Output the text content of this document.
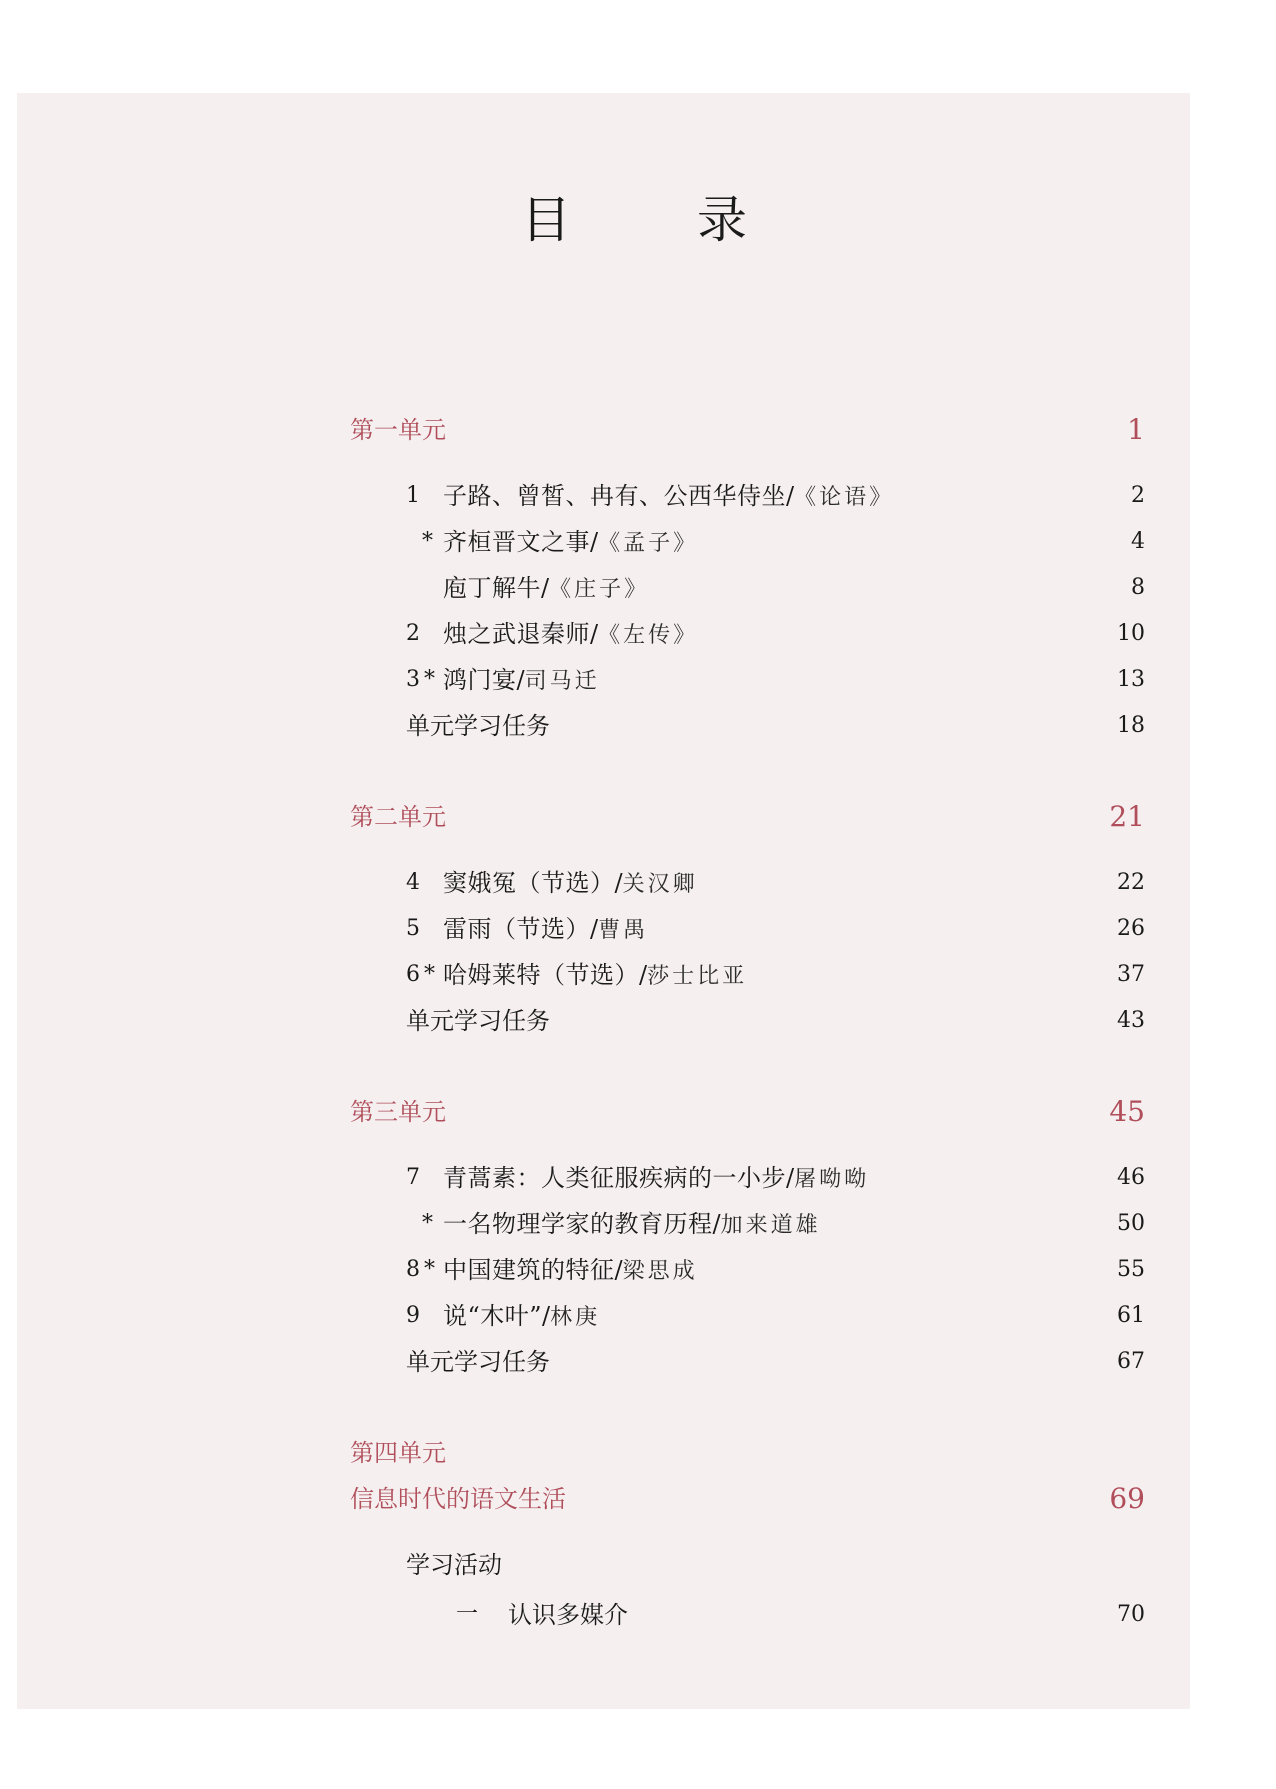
目　录
第一单元	1
1 子路、曾皙、冉有、公西华侍坐/《论语》	2
* 齐桓晋文之事/《孟子》	4
庖丁解牛/《庄子》	8
2 烛之武退秦师/《左传》	10
3 * 鸿门宴/司马迁	13
单元学习任务	18
第二单元	21
4 窦娥冤（节选）/关汉卿	22
5 雷雨（节选）/曹禺	26
6 * 哈姆莱特（节选）/莎士比亚	37
单元学习任务	43
第三单元	45
7 青蒿素：人类征服疾病的一小步/屠呦呦	46
* 一名物理学家的教育历程/加来道雄	50
8 * 中国建筑的特征/梁思成	55
9 说“木叶”/林庚	61
单元学习任务	67
第四单元
信息时代的语文生活	69
学习活动
一 认识多媒介	70
